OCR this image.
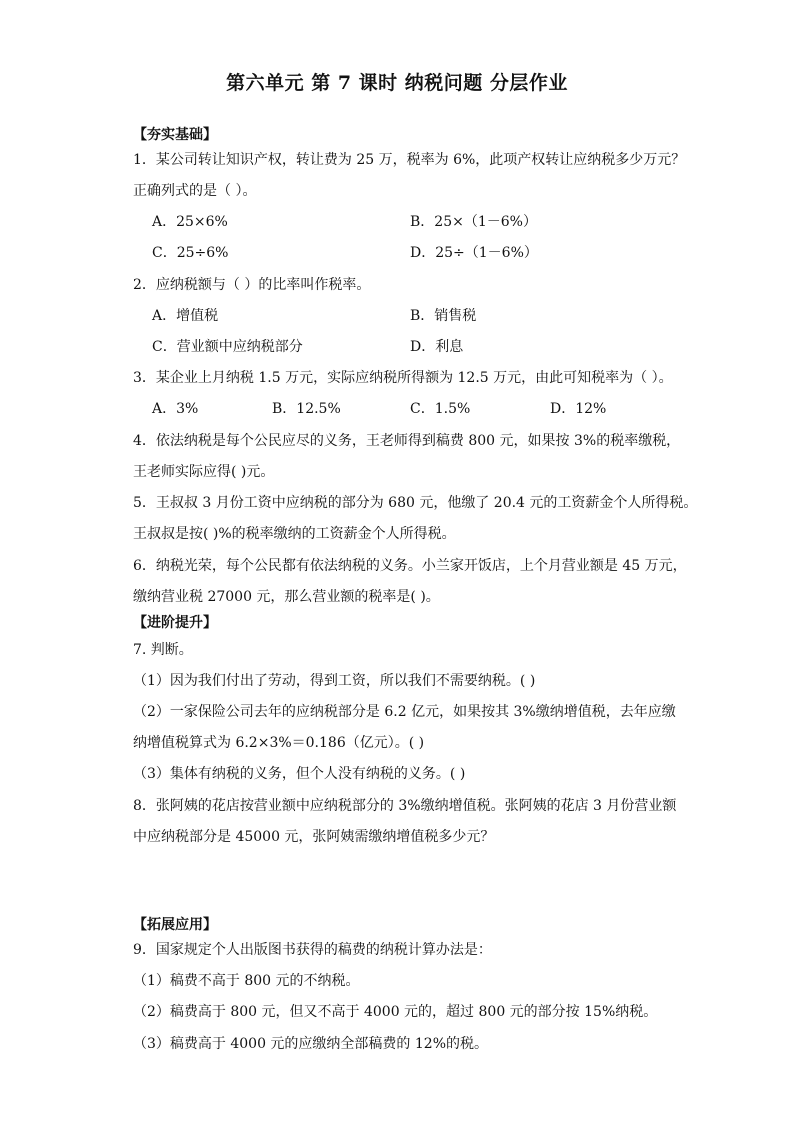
第六单元 第 7 课时 纳税问题 分层作业
【夯实基础】
1．某公司转让知识产权，转让费为 25 万，税率为 6%，此项产权转让应纳税多少万元？
正确列式的是（ ）。
A．25×6%	B．25×（1－6%）
C．25÷6%	D．25÷（1－6%）
2．应纳税额与（ ）的比率叫作税率。
A．增值税	B．销售税
C．营业额中应纳税部分	D．利息
3．某企业上月纳税 1.5 万元，实际应纳税所得额为 12.5 万元，由此可知税率为（ ）。
A．3%	B．12.5%	C．1.5%	D．12%
4．依法纳税是每个公民应尽的义务，王老师得到稿费 800 元，如果按 3%的税率缴税，
王老师实际应得( )元。
5．王叔叔 3 月份工资中应纳税的部分为 680 元，他缴了 20.4 元的工资薪金个人所得税。
王叔叔是按( )%的税率缴纳的工资薪金个人所得税。
6．纳税光荣，每个公民都有依法纳税的义务。小兰家开饭店，上个月营业额是 45 万元，
缴纳营业税 27000 元，那么营业额的税率是( )。
【进阶提升】
7. 判断。
（1）因为我们付出了劳动，得到工资，所以我们不需要纳税。( )
（2）一家保险公司去年的应纳税部分是 6.2 亿元，如果按其 3%缴纳增值税，去年应缴
纳增值税算式为 6.2×3%＝0.186（亿元）。( )
（3）集体有纳税的义务，但个人没有纳税的义务。( )
8．张阿姨的花店按营业额中应纳税部分的 3%缴纳增值税。张阿姨的花店 3 月份营业额
中应纳税部分是 45000 元，张阿姨需缴纳增值税多少元？
【拓展应用】
9．国家规定个人出版图书获得的稿费的纳税计算办法是：
（1）稿费不高于 800 元的不纳税。
（2）稿费高于 800 元，但又不高于 4000 元的，超过 800 元的部分按 15%纳税。
（3）稿费高于 4000 元的应缴纳全部稿费的 12%的税。
